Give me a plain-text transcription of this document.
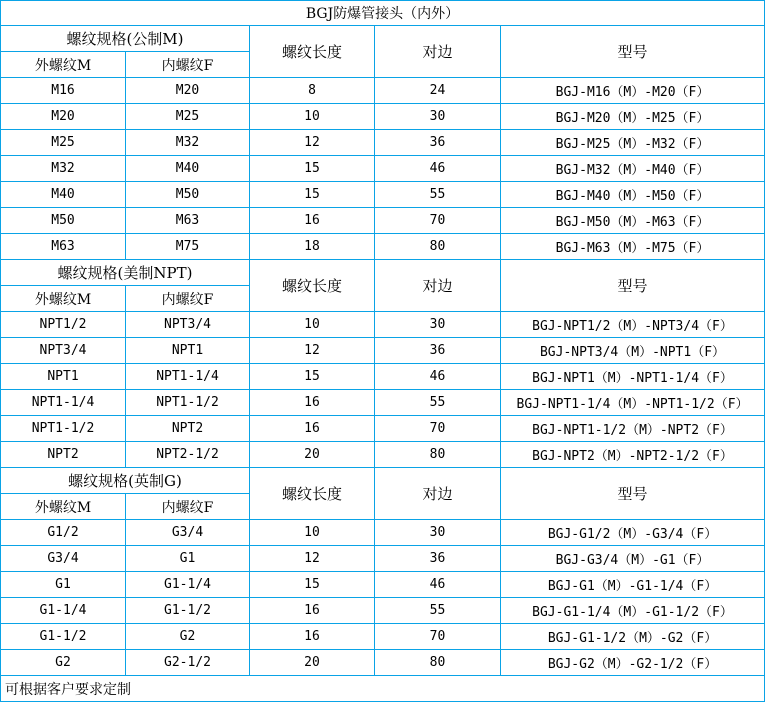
BGJ防爆管接头（内外）				
螺纹规格(公制M)		螺纹长度	对边	型号
外螺纹M	内螺纹F			
M16	M20	8	24	BGJ-M16（M）-M20（F）
M20	M25	10	30	BGJ-M20（M）-M25（F）
M25	M32	12	36	BGJ-M25（M）-M32（F）
M32	M40	15	46	BGJ-M32（M）-M40（F）
M40	M50	15	55	BGJ-M40（M）-M50（F）
M50	M63	16	70	BGJ-M50（M）-M63（F）
M63	M75	18	80	BGJ-M63（M）-M75（F）
螺纹规格(美制NPT)		螺纹长度	对边	型号
外螺纹M	内螺纹F			
NPT1/2	NPT3/4	10	30	BGJ-NPT1/2（M）-NPT3/4（F）
NPT3/4	NPT1	12	36	BGJ-NPT3/4（M）-NPT1（F）
NPT1	NPT1-1/4	15	46	BGJ-NPT1（M）-NPT1-1/4（F）
NPT1-1/4	NPT1-1/2	16	55	BGJ-NPT1-1/4（M）-NPT1-1/2（F）
NPT1-1/2	NPT2	16	70	BGJ-NPT1-1/2（M）-NPT2（F）
NPT2	NPT2-1/2	20	80	BGJ-NPT2（M）-NPT2-1/2（F）
螺纹规格(英制G)		螺纹长度	对边	型号
外螺纹M	内螺纹F			
G1/2	G3/4	10	30	BGJ-G1/2（M）-G3/4（F）
G3/4	G1	12	36	BGJ-G3/4（M）-G1（F）
G1	G1-1/4	15	46	BGJ-G1（M）-G1-1/4（F）
G1-1/4	G1-1/2	16	55	BGJ-G1-1/4（M）-G1-1/2（F）
G1-1/2	G2	16	70	BGJ-G1-1/2（M）-G2（F）
G2	G2-1/2	20	80	BGJ-G2（M）-G2-1/2（F）
可根据客户要求定制				
